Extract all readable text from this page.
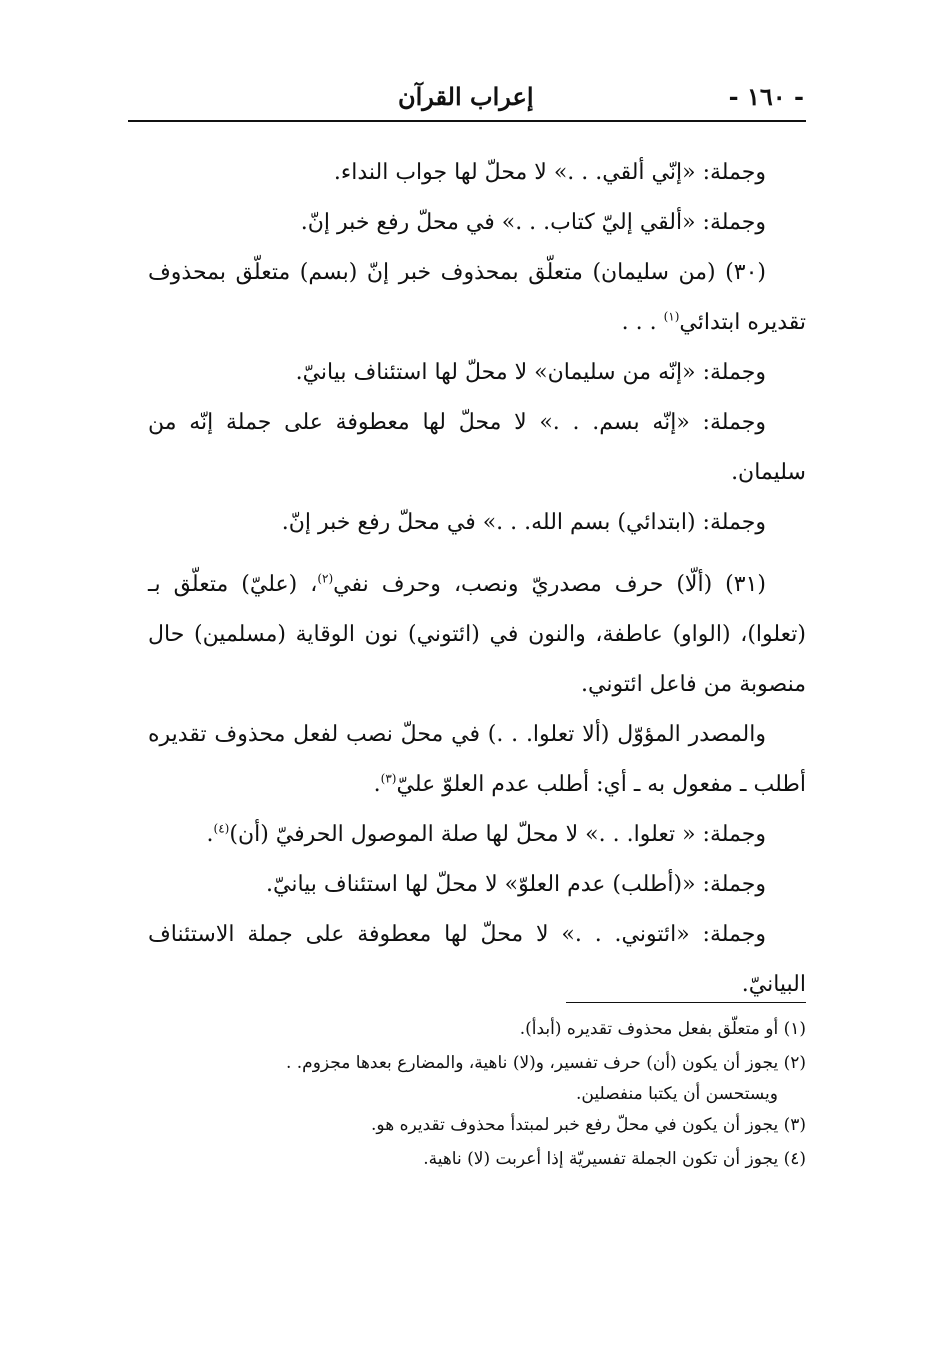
- ١٦٠ -
إعراب القرآن

وجملة: «إنّي ألقي. . .» لا محلّ لها جواب النداء.

وجملة: «ألقي إليّ كتاب. . .» في محلّ رفع خبر إنّ.

(٣٠) (من سليمان) متعلّق بمحذوف خبر إنّ (بسم) متعلّق بمحذوف تقديره ابتدائي$^{(١)}$ . . .

وجملة: «إنّه من سليمان» لا محلّ لها استئناف بيانيّ.

وجملة: «إنّه بسم. . .» لا محلّ لها معطوفة على جملة إنّه من سليمان.

وجملة: (ابتدائي) بسم الله. . .» في محلّ رفع خبر إنّ.

(٣١) (ألّا) حرف مصدريّ ونصب، وحرف نفي$^{(٢)}$، (عليّ) متعلّق بـ (تعلوا)، (الواو) عاطفة، والنون في (ائتوني) نون الوقاية (مسلمين) حال منصوبة من فاعل ائتوني.

والمصدر المؤوّل (ألا تعلوا. . .) في محلّ نصب لفعل محذوف تقديره أطلب ـ مفعول به ـ أي: أطلب عدم العلوّ عليّ$^{(٣)}$.

وجملة: « تعلوا. . .» لا محلّ لها صلة الموصول الحرفيّ (أن)$^{(٤)}$.

وجملة: «(أطلب) عدم العلوّ» لا محلّ لها استئناف بيانيّ.

وجملة: «ائتوني. . .» لا محلّ لها معطوفة على جملة الاستئناف البيانيّ.

(١) أو متعلّق بفعل محذوف تقديره (أبدأ).

(٢) يجوز أن يكون (أن) حرف تفسير، و(لا) ناهية، والمضارع بعدها مجزوم. .

ويستحسن أن يكتبا منفصلين.

(٣) يجوز أن يكون في محلّ رفع خبر لمبتدأ محذوف تقديره هو.

(٤) يجوز أن تكون الجملة تفسيريّة إذا أعربت (لا) ناهية.
